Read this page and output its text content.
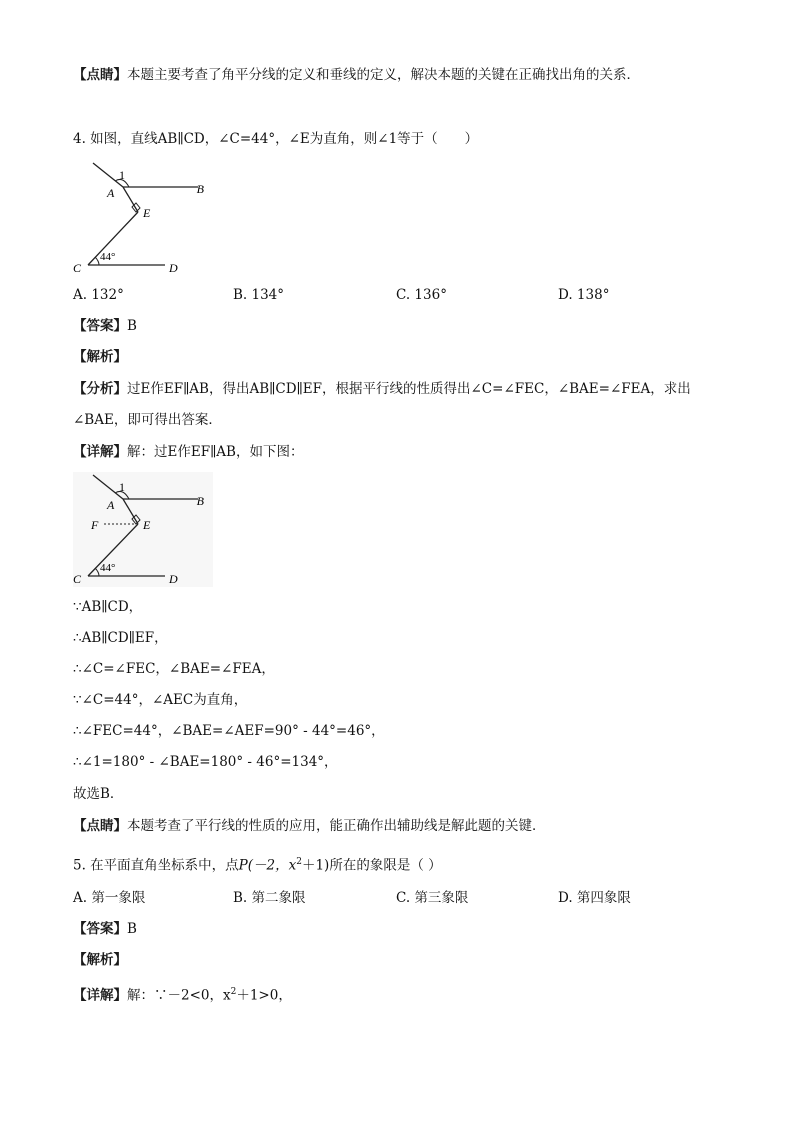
【点睛】本题主要考查了角平分线的定义和垂线的定义，解决本题的关键在正确找出角的关系．
4. 如图，直线AB∥CD，∠C=44°，∠E为直角，则∠1等于（　　）
1
A	B
E
44°
C	D
A. 132°	B. 134°	C. 136°	D. 138°
【答案】B
【解析】
【分析】过E作EF∥AB，得出AB∥CD∥EF，根据平行线的性质得出∠C=∠FEC，∠BAE=∠FEA，求出
∠BAE，即可得出答案．
【详解】解：过E作EF∥AB，如下图：
1
A	B
F	E
44°
C	D
∵AB∥CD，
∴AB∥CD∥EF，
∴∠C=∠FEC，∠BAE=∠FEA，
∵∠C=44°，∠AEC为直角，
∴∠FEC=44°，∠BAE=∠AEF=90° - 44°=46°，
∴∠1=180° - ∠BAE=180° - 46°=134°，
故选B．
【点睛】本题考查了平行线的性质的应用，能正确作出辅助线是解此题的关键．
5. 在平面直角坐标系中，点P(－2，$x^2+1$)所在的象限是（ ）
A. 第一象限	B. 第二象限	C. 第三象限	D. 第四象限
【答案】B
【解析】
【详解】解：∵－2<0，$x^2+1>0$，
